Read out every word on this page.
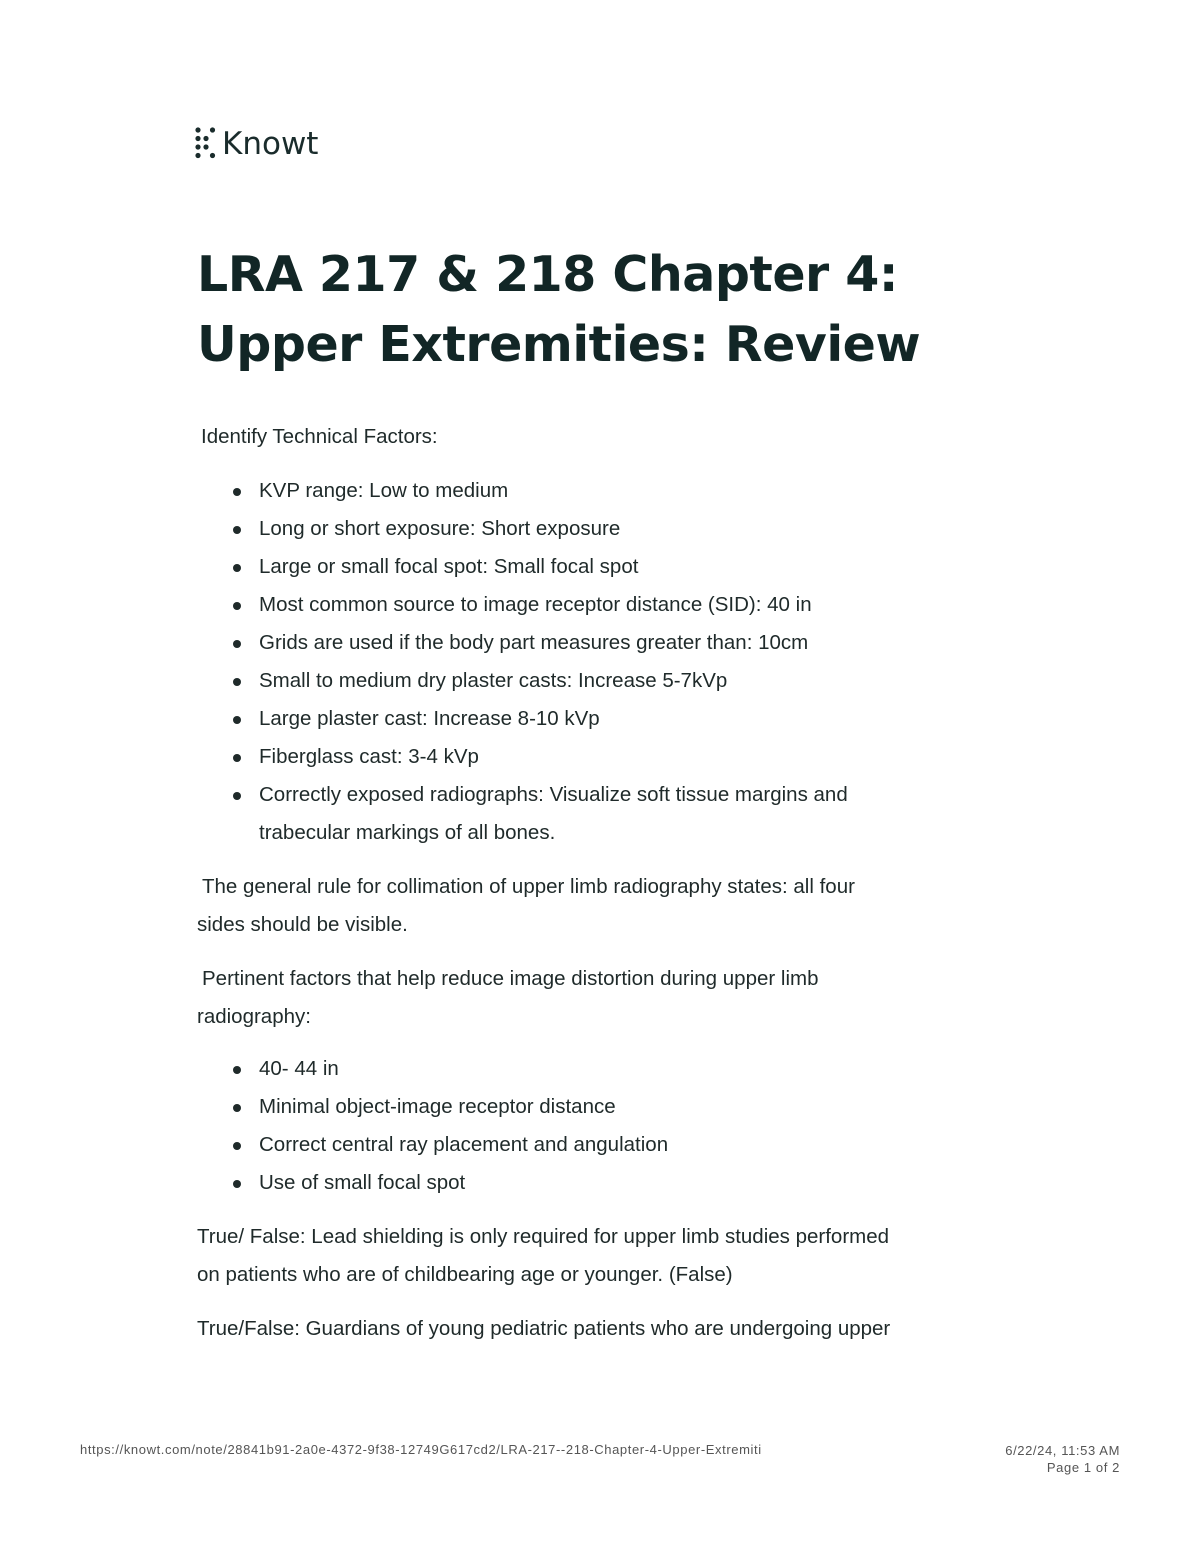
Knowt
LRA 217 & 218 Chapter 4:
Upper Extremities: Review

Identify Technical Factors:

KVP range: Low to medium
Long or short exposure: Short exposure
Large or small focal spot: Small focal spot
Most common source to image receptor distance (SID): 40 in
Grids are used if the body part measures greater than: 10cm
Small to medium dry plaster casts: Increase 5-7kVp
Large plaster cast: Increase 8-10 kVp
Fiberglass cast: 3-4 kVp
Correctly exposed radiographs: Visualize soft tissue margins and trabecular markings of all bones.

The general rule for collimation of upper limb radiography states: all four
sides should be visible.

Pertinent factors that help reduce image distortion during upper limb
radiography:

40- 44 in
Minimal object-image receptor distance
Correct central ray placement and angulation
Use of small focal spot

True/ False: Lead shielding is only required for upper limb studies performed
on patients who are of childbearing age or younger. (False)

True/False: Guardians of young pediatric patients who are undergoing upper

https://knowt.com/note/28841b91-2a0e-4372-9f38-12749G617cd2/LRA-217--218-Chapter-4-Upper-Extremiti	6/22/24, 11:53 AM
Page 1 of 2
